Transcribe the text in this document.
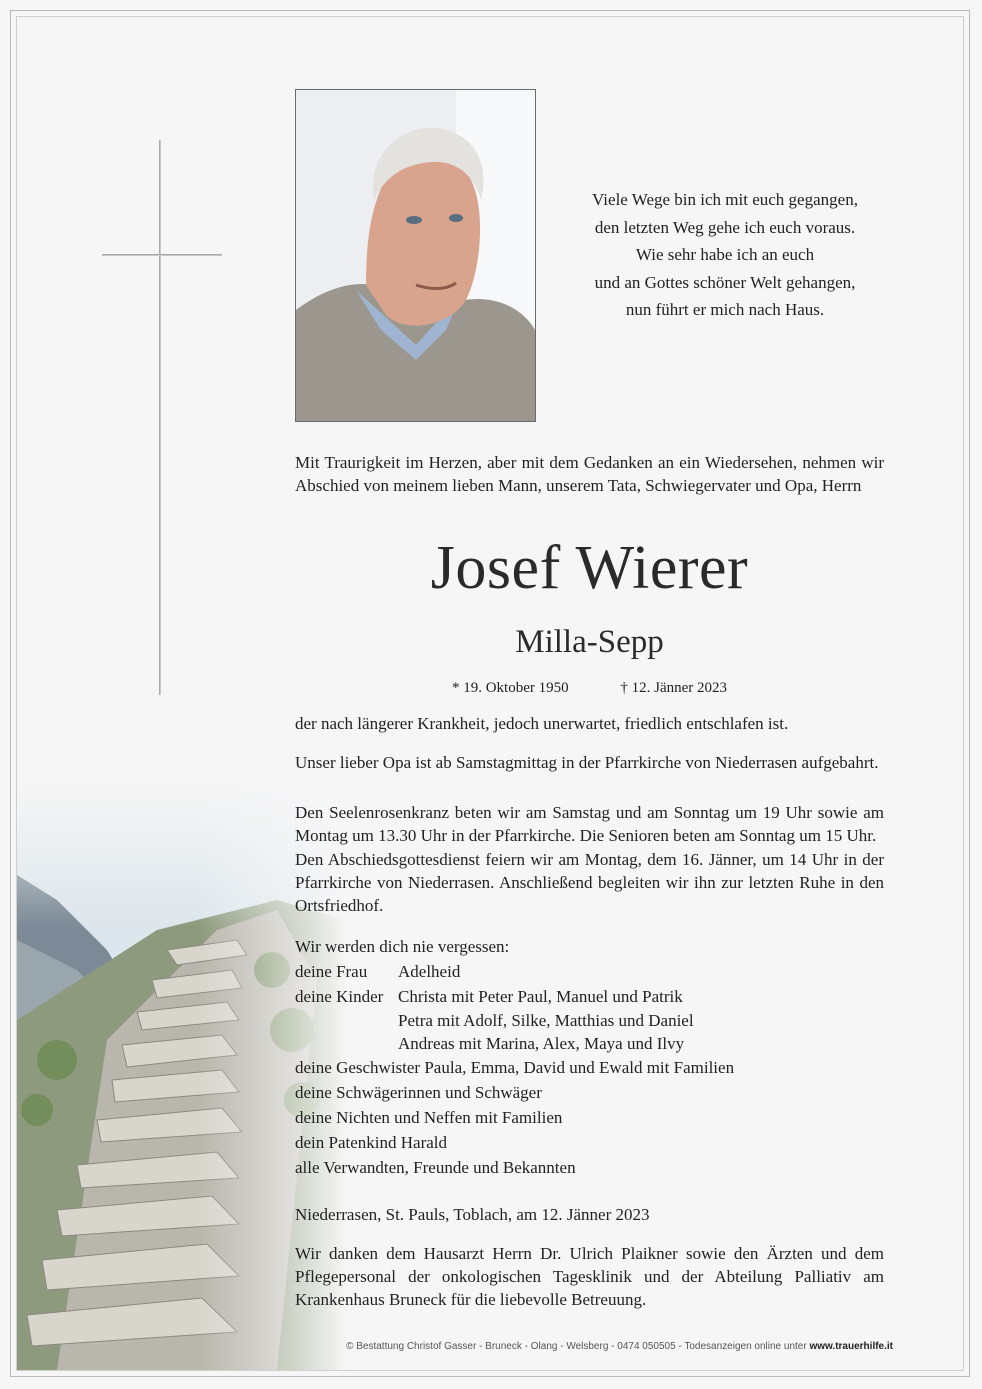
Viele Wege bin ich mit euch gegangen,
den letzten Weg gehe ich euch voraus.
Wie sehr habe ich an euch
und an Gottes schöner Welt gehangen,
nun führt er mich nach Haus.
Mit Traurigkeit im Herzen, aber mit dem Gedanken an ein Wiedersehen, nehmen wir Abschied von meinem lieben Mann, unserem Tata, Schwiegervater und Opa, Herrn
Josef Wierer
Milla-Sepp
* 19. Oktober 1950	† 12. Jänner 2023
der nach längerer Krankheit, jedoch unerwartet, friedlich entschlafen ist.
Unser lieber Opa ist ab Samstagmittag in der Pfarrkirche von Niederrasen aufgebahrt.
Den Seelenrosenkranz beten wir am Samstag und am Sonntag um 19 Uhr sowie am Montag um 13.30 Uhr in der Pfarrkirche. Die Senioren beten am Sonntag um 15 Uhr.
Den Abschiedsgottesdienst feiern wir am Montag, dem 16. Jänner, um 14 Uhr in der Pfarrkirche von Niederrasen. Anschließend begleiten wir ihn zur letzten Ruhe in den Ortsfriedhof.
Wir werden dich nie vergessen:
deine Frau	Adelheid
deine Kinder Christa mit Peter Paul, Manuel und Patrik
Petra mit Adolf, Silke, Matthias und Daniel
Andreas mit Marina, Alex, Maya und Ilvy
deine Geschwister Paula, Emma, David und Ewald mit Familien
deine Schwägerinnen und Schwäger
deine Nichten und Neffen mit Familien
dein Patenkind Harald
alle Verwandten, Freunde und Bekannten
Niederrasen, St. Pauls, Toblach, am 12. Jänner 2023
Wir danken dem Hausarzt Herrn Dr. Ulrich Plaikner sowie den Ärzten und dem Pflegepersonal der onkologischen Tagesklinik und der Abteilung Palliativ am Krankenhaus Bruneck für die liebevolle Betreuung.
© Bestattung Christof Gasser - Bruneck - Olang - Welsberg - 0474 050505 - Todesanzeigen online unter www.trauerhilfe.it
